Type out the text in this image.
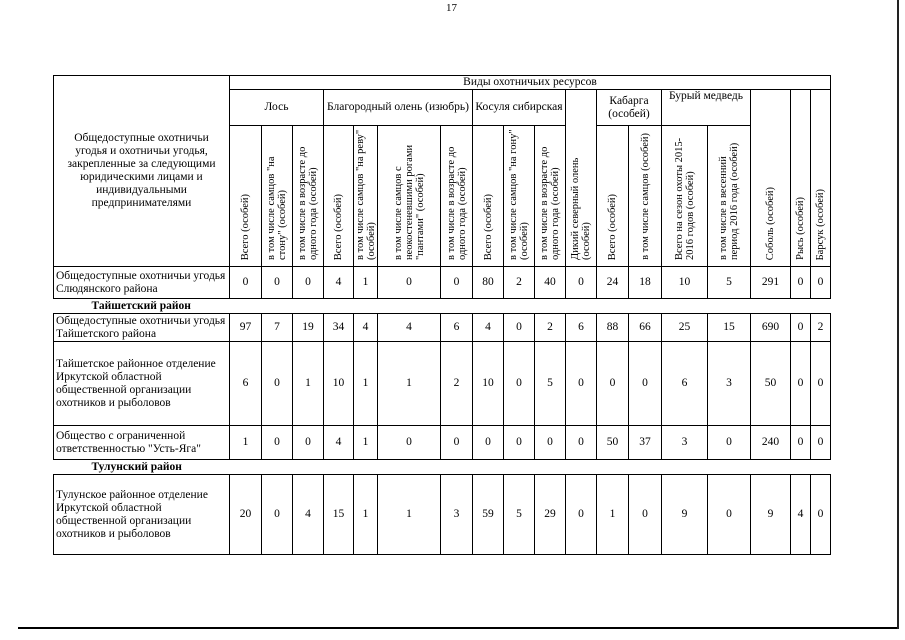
17
Общедоступные охотничьи угодья и охотничьи угодья, закрепленные за следующими юридическими лицами и индивидуальными предпринимателями	Виды охотничьих ресурсов																	
	Лось			Благородный олень (изюбрь)				Косуля сибирская			Дикий северный олень (особей)	Кабарга (особей)		Бурый медведь		Соболь (особей)	Рысь (особей)	Барсук (особей)
	Всего (особей)	в том числе самцов "на стону" (особей)	в том числе в возрасте до одного года (особей)	Всего (особей)	в том числе самцов "на реву" (особей)	в том числе самцов с неокостеневшими рогами "пантами" (особей)	в том числе в возрасте до одного года (особей)	Всего (особей)	в том числе самцов "на гону" (особей)	в том числе в возрасте до одного года (особей)		Всего (особей)	в том числе самцов (особей)	Всего на сезон охоты 2015-2016 годов (особей)	в том числе в весенний период 2016 года (особей)			
Общедоступные охотничьи угодья Слюдянского района	0	0	0	4	1	0	0	80	2	40	0	24	18	10	5	291	0	0
Тайшетский район																		
Общедоступные охотничьи угодья Тайшетского района	97	7	19	34	4	4	6	4	0	2	6	88	66	25	15	690	0	2
Тайшетское районное отделение Иркутской областной общественной организации охотников и рыболовов	6	0	1	10	1	1	2	10	0	5	0	0	0	6	3	50	0	0
Общество с ограниченной ответственностью "Усть-Яга"	1	0	0	4	1	0	0	0	0	0	0	50	37	3	0	240	0	0
Тулунский район																		
Тулунское районное отделение Иркутской областной общественной организации охотников и рыболовов	20	0	4	15	1	1	3	59	5	29	0	1	0	9	0	9	4	0
